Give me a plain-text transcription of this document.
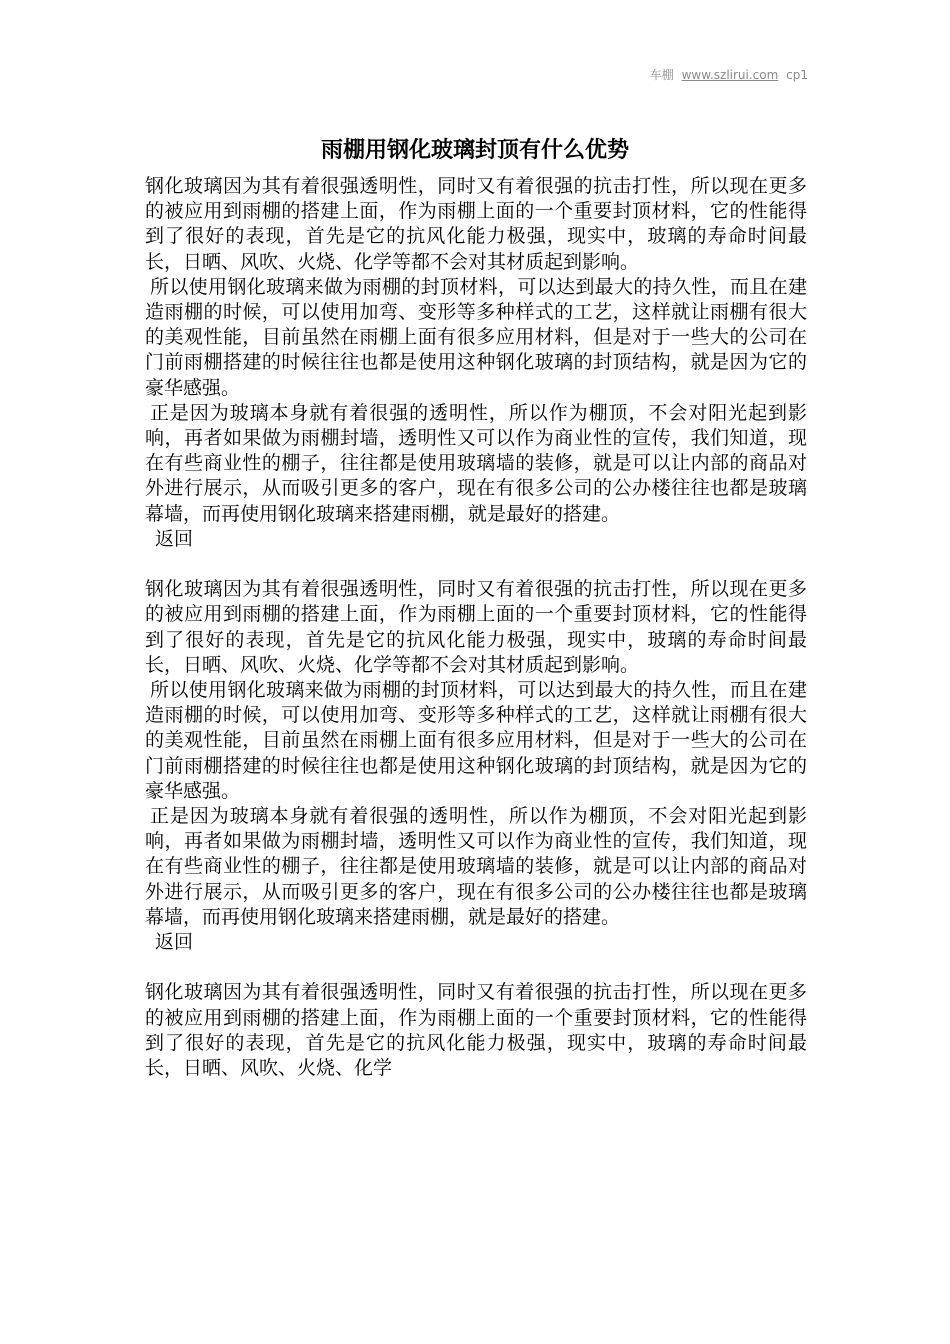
车棚 www.szlirui.com cp1
雨棚用钢化玻璃封顶有什么优势

钢化玻璃因为其有着很强透明性，同时又有着很强的抗击打性，所以现在更多的被应用到雨棚的搭建上面，作为雨棚上面的一个重要封顶材料，它的性能得到了很好的表现，首先是它的抗风化能力极强，现实中，玻璃的寿命时间最长，日晒、风吹、火烧、化学等都不会对其材质起到影响。

所以使用钢化玻璃来做为雨棚的封顶材料，可以达到最大的持久性，而且在建造雨棚的时候，可以使用加弯、变形等多种样式的工艺，这样就让雨棚有很大的美观性能，目前虽然在雨棚上面有很多应用材料，但是对于一些大的公司在门前雨棚搭建的时候往往也都是使用这种钢化玻璃的封顶结构，就是因为它的豪华感强。

正是因为玻璃本身就有着很强的透明性，所以作为棚顶，不会对阳光起到影响，再者如果做为雨棚封墙，透明性又可以作为商业性的宣传，我们知道，现在有些商业性的棚子，往往都是使用玻璃墙的装修，就是可以让内部的商品对外进行展示，从而吸引更多的客户，现在有很多公司的公办楼往往也都是玻璃幕墙，而再使用钢化玻璃来搭建雨棚，就是最好的搭建。

返回

钢化玻璃因为其有着很强透明性，同时又有着很强的抗击打性，所以现在更多的被应用到雨棚的搭建上面，作为雨棚上面的一个重要封顶材料，它的性能得到了很好的表现，首先是它的抗风化能力极强，现实中，玻璃的寿命时间最长，日晒、风吹、火烧、化学等都不会对其材质起到影响。

所以使用钢化玻璃来做为雨棚的封顶材料，可以达到最大的持久性，而且在建造雨棚的时候，可以使用加弯、变形等多种样式的工艺，这样就让雨棚有很大的美观性能，目前虽然在雨棚上面有很多应用材料，但是对于一些大的公司在门前雨棚搭建的时候往往也都是使用这种钢化玻璃的封顶结构，就是因为它的豪华感强。

正是因为玻璃本身就有着很强的透明性，所以作为棚顶，不会对阳光起到影响，再者如果做为雨棚封墙，透明性又可以作为商业性的宣传，我们知道，现在有些商业性的棚子，往往都是使用玻璃墙的装修，就是可以让内部的商品对外进行展示，从而吸引更多的客户，现在有很多公司的公办楼往往也都是玻璃幕墙，而再使用钢化玻璃来搭建雨棚，就是最好的搭建。

返回

钢化玻璃因为其有着很强透明性，同时又有着很强的抗击打性，所以现在更多的被应用到雨棚的搭建上面，作为雨棚上面的一个重要封顶材料，它的性能得到了很好的表现，首先是它的抗风化能力极强，现实中，玻璃的寿命时间最长，日晒、风吹、火烧、化学
